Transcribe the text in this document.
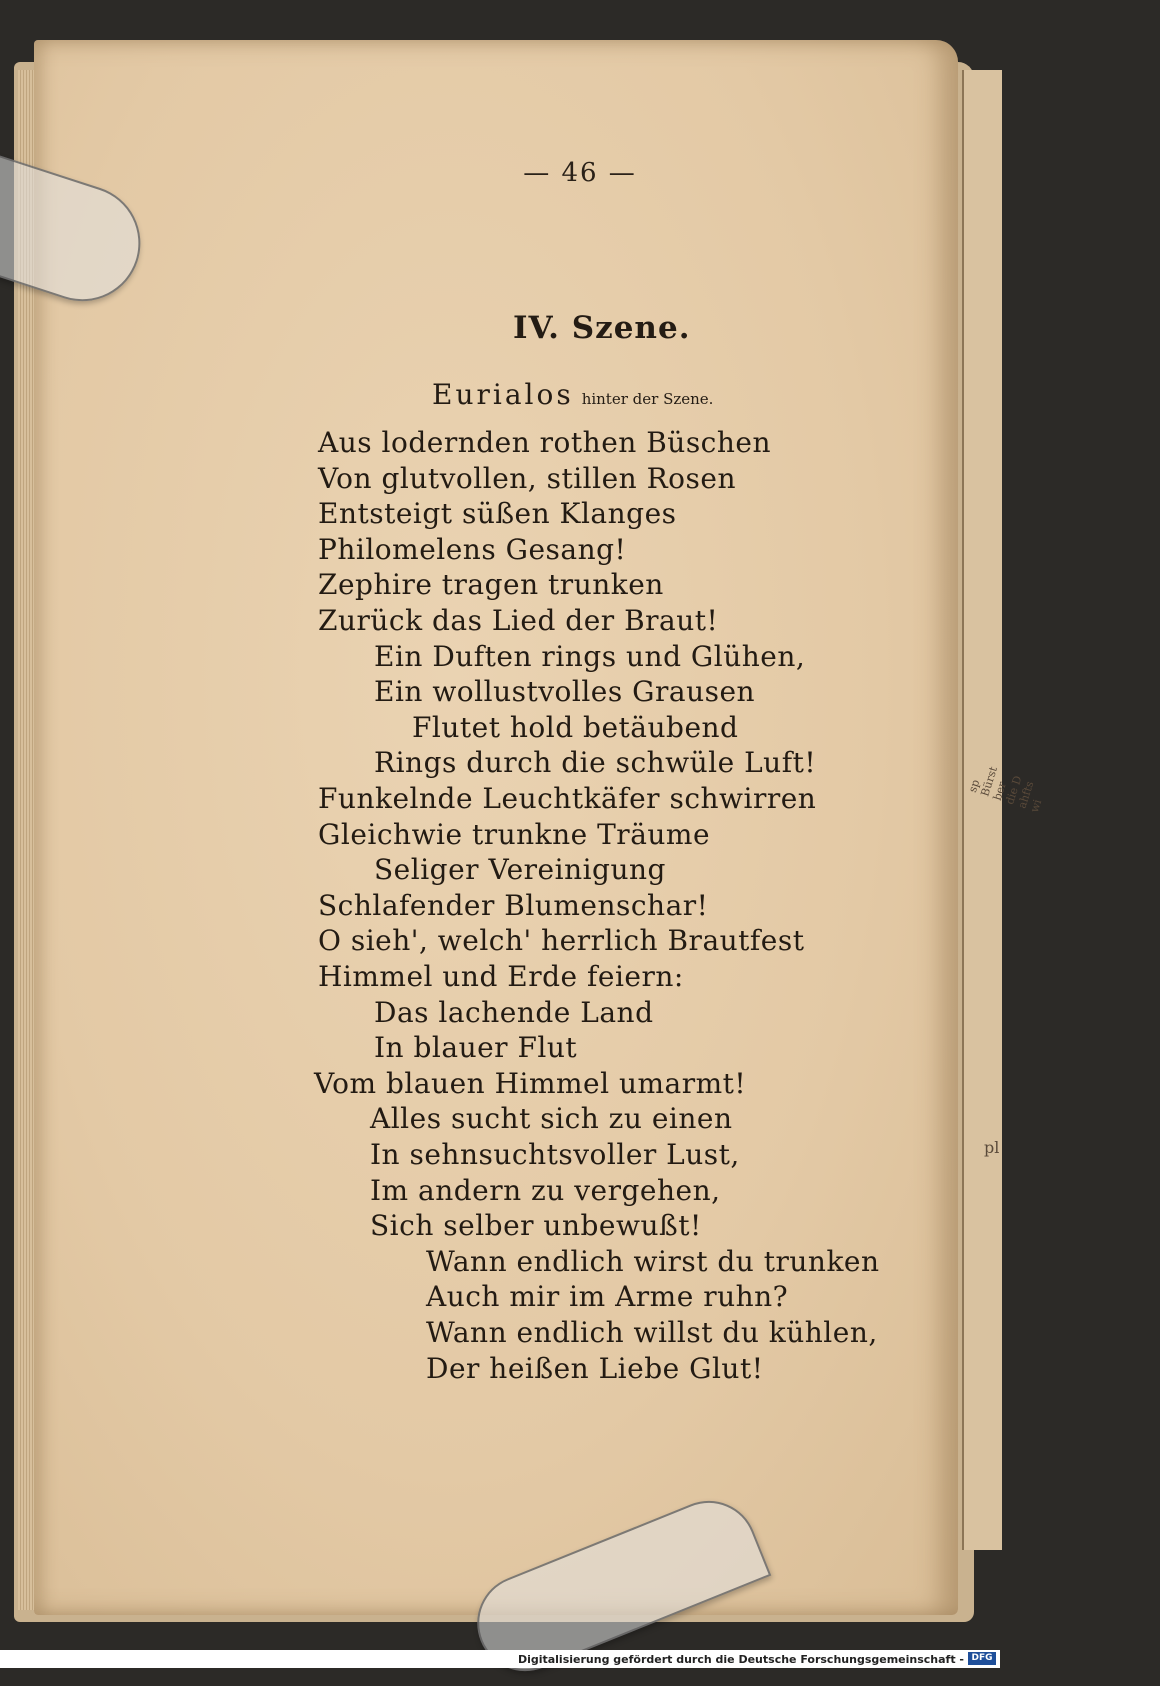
sp Bürst ber die D ahfts wi
pl
— 46 —
IV. Szene.
Eurialos hinter der Szene.
Aus lodernden rothen Büschen
Von glutvollen, stillen Rosen
Entsteigt süßen Klanges
Philomelens Gesang!
Zephire tragen trunken
Zurück das Lied der Braut!
Ein Duften rings und Glühen,
Ein wollustvolles Grausen
Flutet hold betäubend
Rings durch die schwüle Luft!
Funkelnde Leuchtkäfer schwirren
Gleichwie trunkne Träume
Seliger Vereinigung
Schlafender Blumenschar!
O sieh', welch' herrlich Brautfest
Himmel und Erde feiern:
Das lachende Land
In blauer Flut
Vom blauen Himmel umarmt!
Alles sucht sich zu einen
In sehnsuchtsvoller Lust,
Im andern zu vergehen,
Sich selber unbewußt!
Wann endlich wirst du trunken
Auch mir im Arme ruhn?
Wann endlich willst du kühlen,
Der heißen Liebe Glut!
Digitalisierung gefördert durch die Deutsche Forschungsgemeinschaft - DFG
